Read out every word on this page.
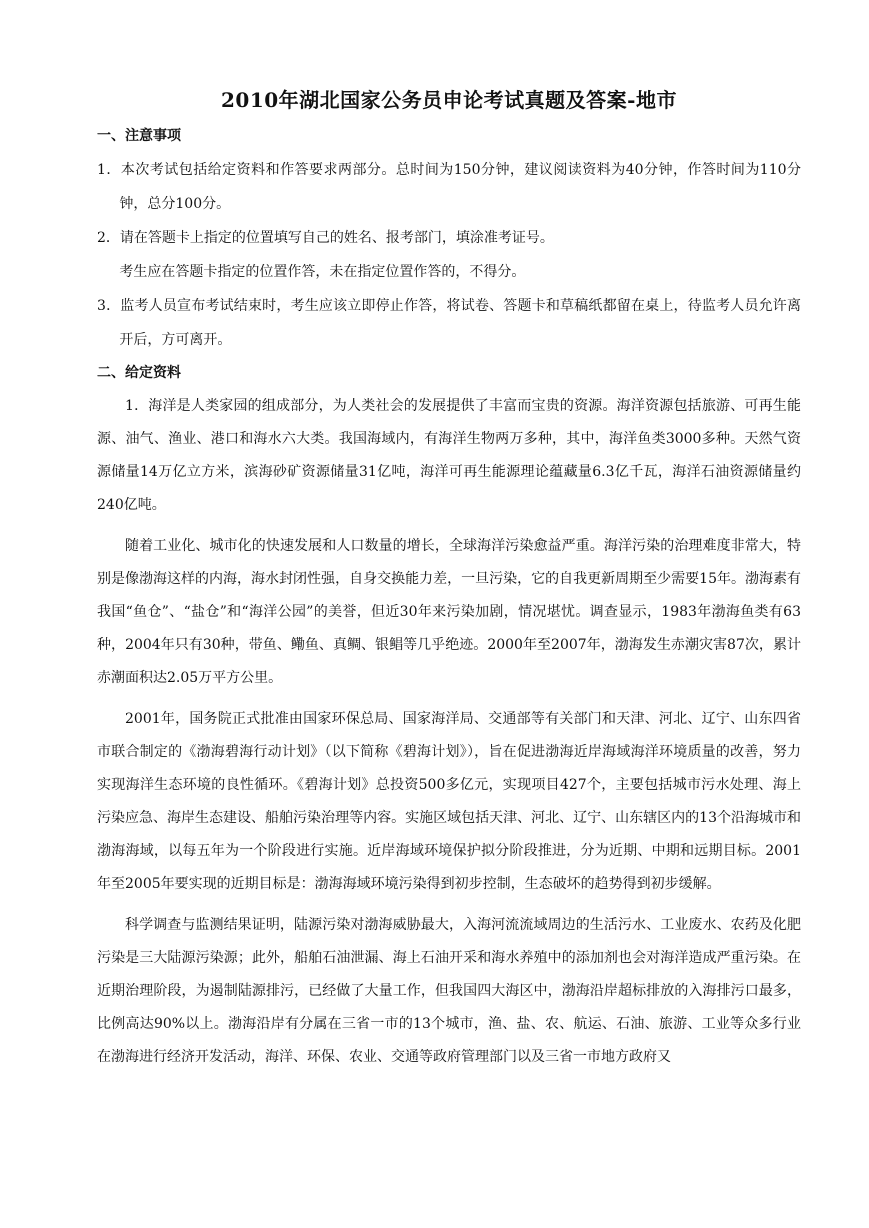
2010年湖北国家公务员申论考试真题及答案-地市
一、注意事项

1．本次考试包括给定资料和作答要求两部分。总时间为150分钟，建议阅读资料为40分钟，作答时间为110分钟，总分100分。

2．请在答题卡上指定的位置填写自己的姓名、报考部门，填涂准考证号。

考生应在答题卡指定的位置作答，未在指定位置作答的，不得分。

3．监考人员宣布考试结束时，考生应该立即停止作答，将试卷、答题卡和草稿纸都留在桌上，待监考人员允许离开后，方可离开。

二、给定资料

1．海洋是人类家园的组成部分，为人类社会的发展提供了丰富而宝贵的资源。海洋资源包括旅游、可再生能源、油气、渔业、港口和海水六大类。我国海域内，有海洋生物两万多种，其中，海洋鱼类3000多种。天然气资源储量14万亿立方米，滨海砂矿资源储量31亿吨，海洋可再生能源理论蕴藏量6.3亿千瓦，海洋石油资源储量约240亿吨。

随着工业化、城市化的快速发展和人口数量的增长，全球海洋污染愈益严重。海洋污染的治理难度非常大，特别是像渤海这样的内海，海水封闭性强，自身交换能力差，一旦污染，它的自我更新周期至少需要15年。渤海素有我国“鱼仓”、“盐仓”和“海洋公园”的美誉，但近30年来污染加剧，情况堪忧。调查显示，1983年渤海鱼类有63种，2004年只有30种，带鱼、鳓鱼、真鲷、银鲳等几乎绝迹。2000年至2007年，渤海发生赤潮灾害87次，累计赤潮面积达2.05万平方公里。

2001年，国务院正式批准由国家环保总局、国家海洋局、交通部等有关部门和天津、河北、辽宁、山东四省市联合制定的《渤海碧海行动计划》（以下简称《碧海计划》），旨在促进渤海近岸海域海洋环境质量的改善，努力实现海洋生态环境的良性循环。《碧海计划》总投资500多亿元，实现项目427个，主要包括城市污水处理、海上污染应急、海岸生态建设、船舶污染治理等内容。实施区域包括天津、河北、辽宁、山东辖区内的13个沿海城市和渤海海域，以每五年为一个阶段进行实施。近岸海域环境保护拟分阶段推进，分为近期、中期和远期目标。2001年至2005年要实现的近期目标是：渤海海域环境污染得到初步控制，生态破坏的趋势得到初步缓解。

科学调查与监测结果证明，陆源污染对渤海威胁最大，入海河流流域周边的生活污水、工业废水、农药及化肥污染是三大陆源污染源；此外，船舶石油泄漏、海上石油开采和海水养殖中的添加剂也会对海洋造成严重污染。在近期治理阶段，为遏制陆源排污，已经做了大量工作，但我国四大海区中，渤海沿岸超标排放的入海排污口最多，比例高达90%以上。渤海沿岸有分属在三省一市的13个城市，渔、盐、农、航运、石油、旅游、工业等众多行业在渤海进行经济开发活动，海洋、环保、农业、交通等政府管理部门以及三省一市地方政府又
